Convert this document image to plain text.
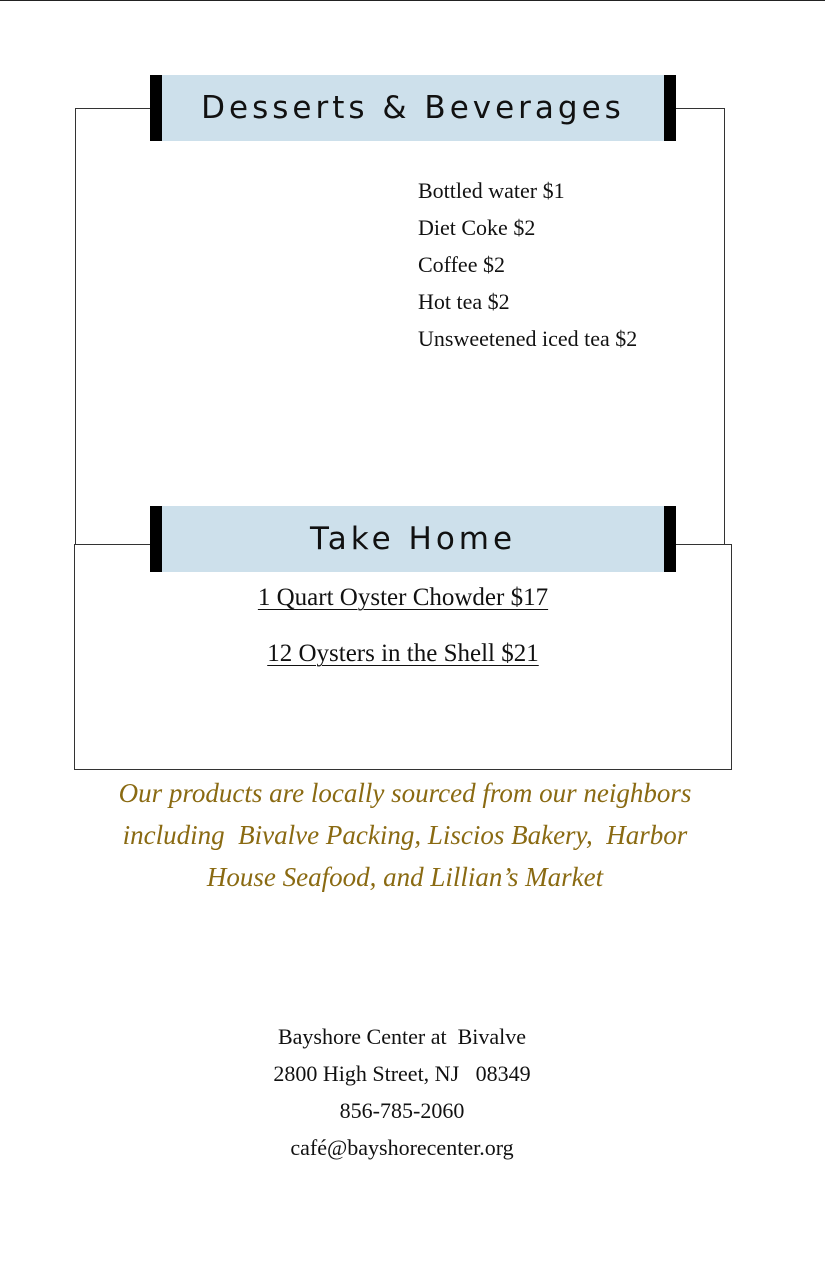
Desserts & Beverages
Bottled water $1
Diet Coke $2
Coffee $2
Hot tea $2
Unsweetened iced tea $2
Take Home
1 Quart Oyster Chowder $17
12 Oysters in the Shell $21

Our products are locally sourced from our neighbors
including  Bivalve Packing, Liscios Bakery,  Harbor
House Seafood, and Lillian’s Market

Bayshore Center at  Bivalve
2800 High Street, NJ   08349
856-785-2060
café@bayshorecenter.org
